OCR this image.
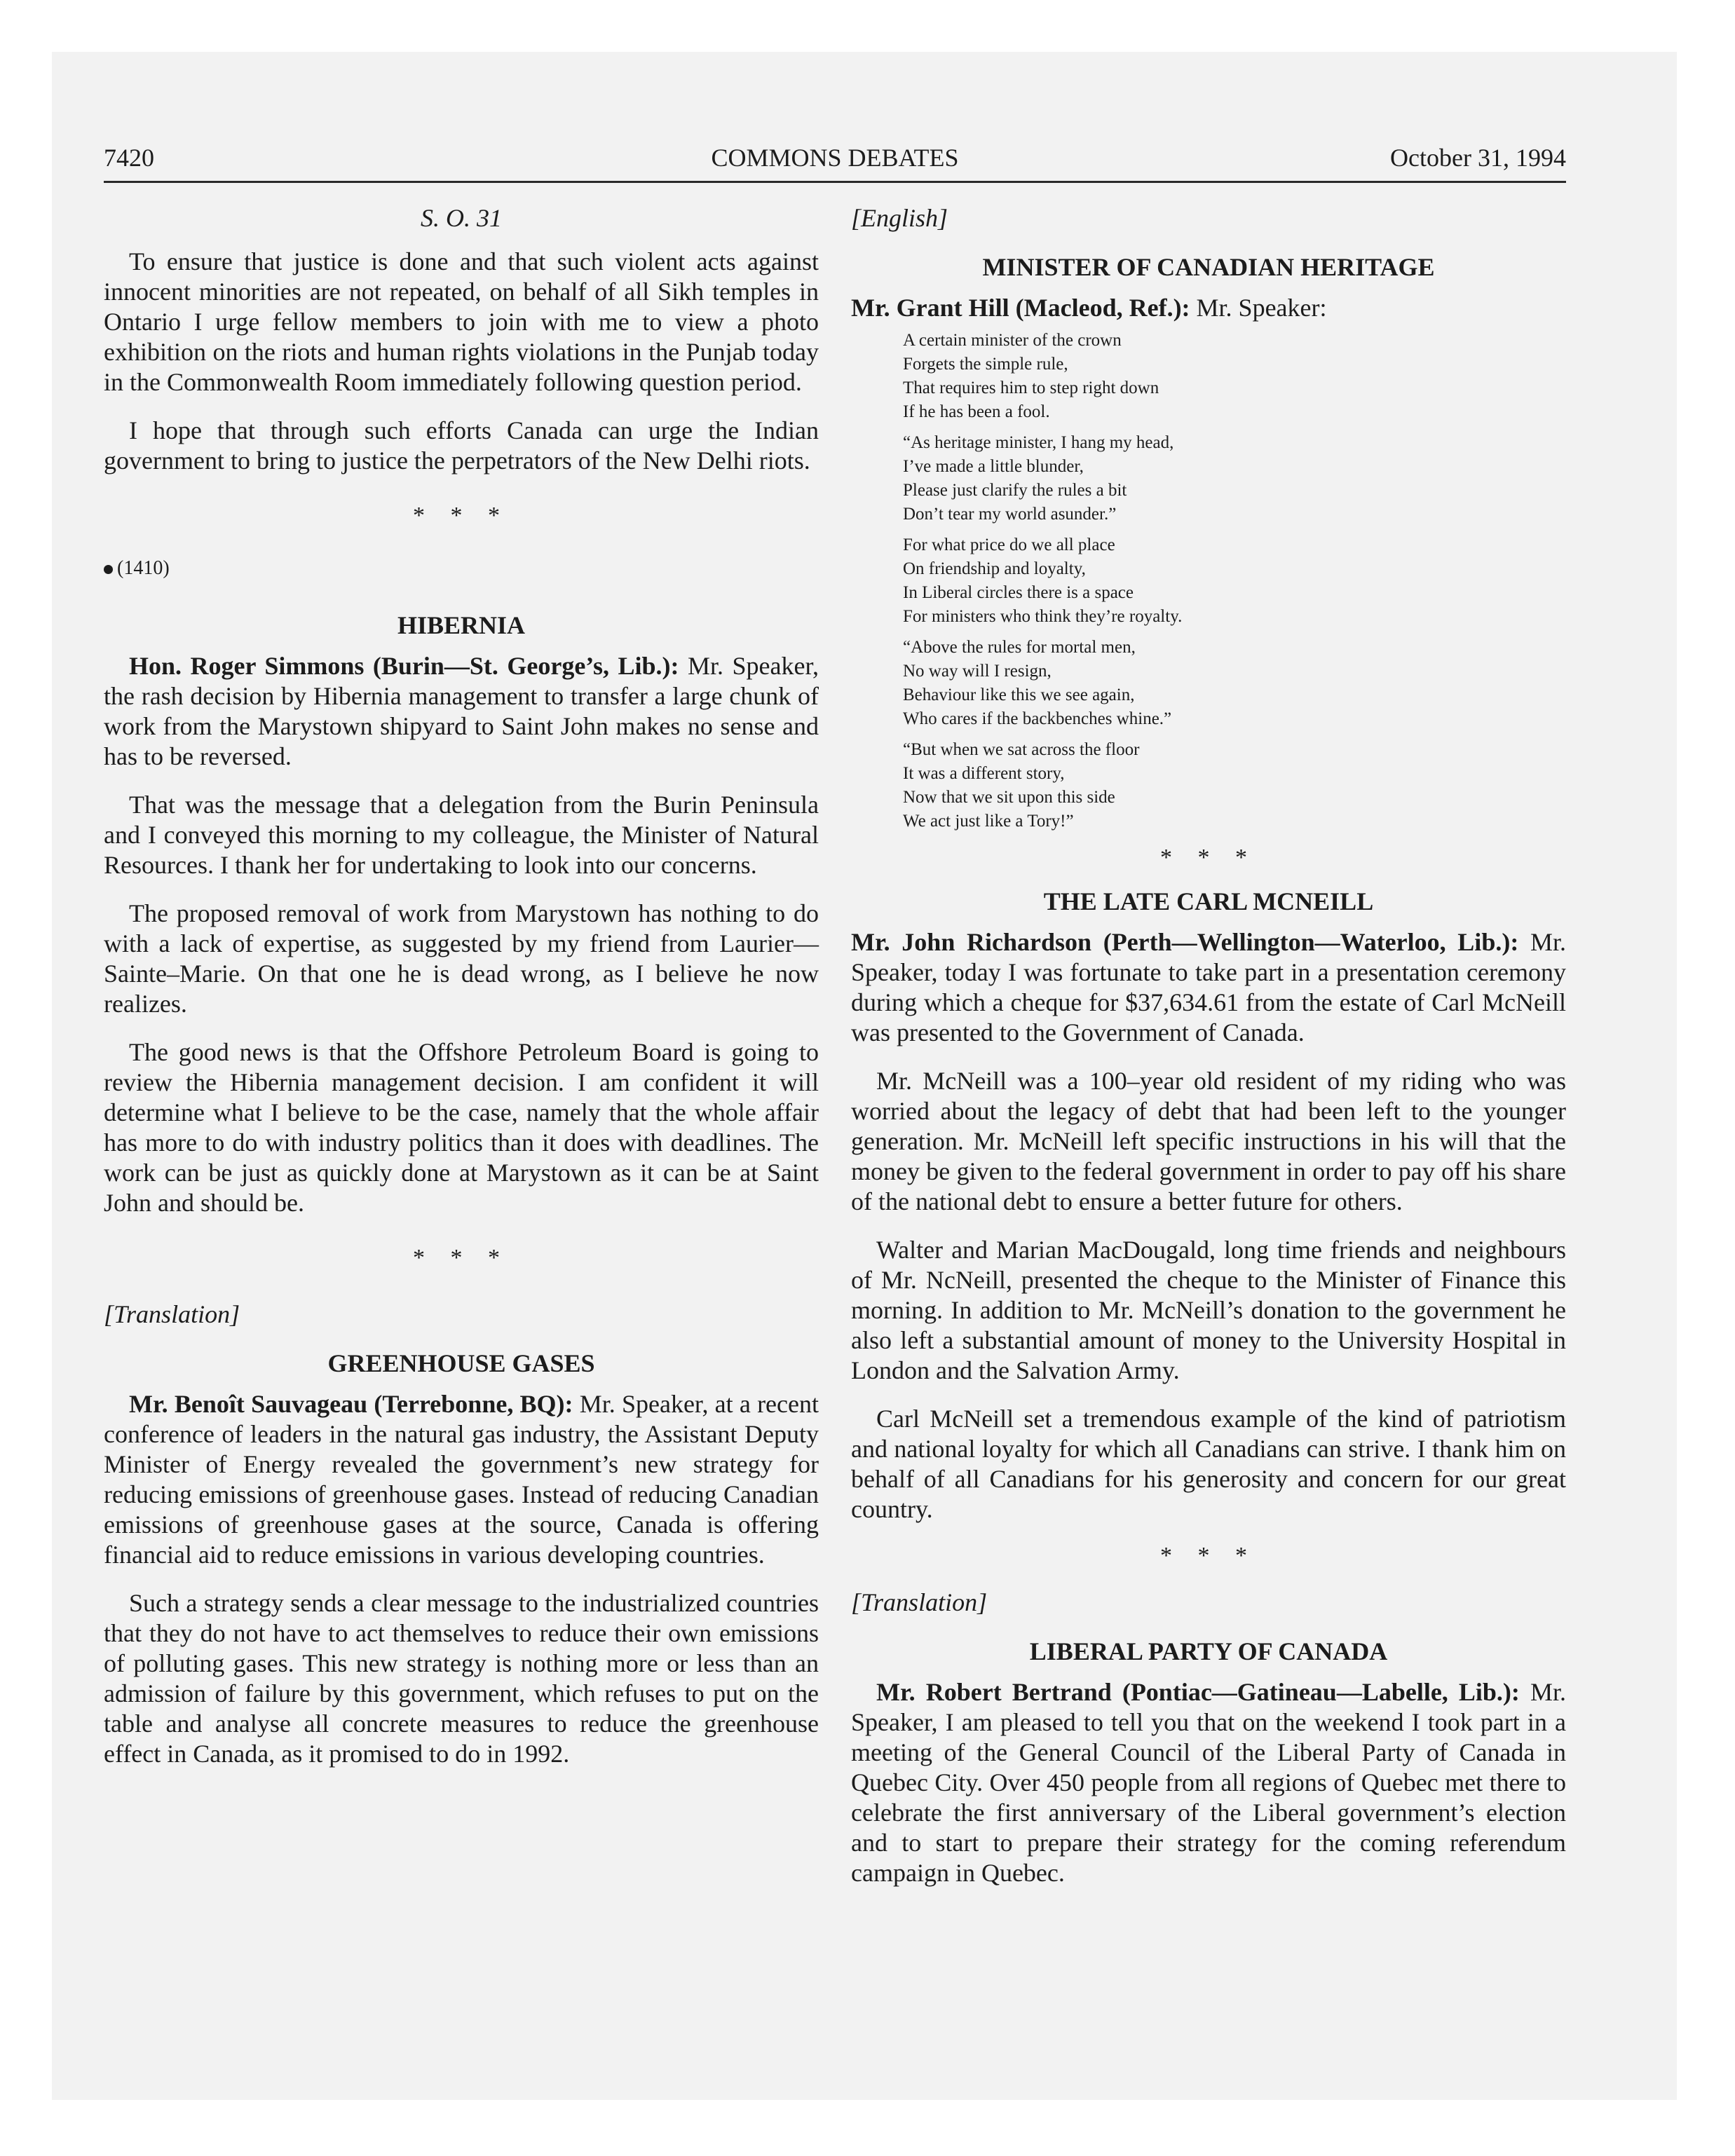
7420	COMMONS DEBATES	October 31, 1994
S. O. 31

To ensure that justice is done and that such violent acts against innocent minorities are not repeated, on behalf of all Sikh temples in Ontario I urge fellow members to join with me to view a photo exhibition on the riots and human rights violations in the Punjab today in the Commonwealth Room immediately following question period.

I hope that through such efforts Canada can urge the Indian government to bring to justice the perpetrators of the New Delhi riots.

* * *
(1410)
HIBERNIA

Hon. Roger Simmons (Burin—St. George’s, Lib.): Mr. Speaker, the rash decision by Hibernia management to transfer a large chunk of work from the Marystown shipyard to Saint John makes no sense and has to be reversed.

That was the message that a delegation from the Burin Peninsula and I conveyed this morning to my colleague, the Minister of Natural Resources. I thank her for undertaking to look into our concerns.

The proposed removal of work from Marystown has nothing to do with a lack of expertise, as suggested by my friend from Laurier—Sainte–Marie. On that one he is dead wrong, as I believe he now realizes.

The good news is that the Offshore Petroleum Board is going to review the Hibernia management decision. I am confident it will determine what I believe to be the case, namely that the whole affair has more to do with industry politics than it does with deadlines. The work can be just as quickly done at Marystown as it can be at Saint John and should be.

* * *
[Translation]
GREENHOUSE GASES

Mr. Benoît Sauvageau (Terrebonne, BQ): Mr. Speaker, at a recent conference of leaders in the natural gas industry, the Assistant Deputy Minister of Energy revealed the government’s new strategy for reducing emissions of greenhouse gases. Instead of reducing Canadian emissions of greenhouse gases at the source, Canada is offering financial aid to reduce emissions in various developing countries.

Such a strategy sends a clear message to the industrialized countries that they do not have to act themselves to reduce their own emissions of polluting gases. This new strategy is nothing more or less than an admission of failure by this government, which refuses to put on the table and analyse all concrete measures to reduce the greenhouse effect in Canada, as it promised to do in 1992.

[English]
MINISTER OF CANADIAN HERITAGE

Mr. Grant Hill (Macleod, Ref.): Mr. Speaker:

A certain minister of the crown
Forgets the simple rule,
That requires him to step right down
If he has been a fool.
“As heritage minister, I hang my head,
I’ve made a little blunder,
Please just clarify the rules a bit
Don’t tear my world asunder.”
For what price do we all place
On friendship and loyalty,
In Liberal circles there is a space
For ministers who think they’re royalty.
“Above the rules for mortal men,
No way will I resign,
Behaviour like this we see again,
Who cares if the backbenches whine.”
“But when we sat across the floor
It was a different story,
Now that we sit upon this side
We act just like a Tory!”
* * *
THE LATE CARL MCNEILL

Mr. John Richardson (Perth—Wellington—Waterloo, Lib.): Mr. Speaker, today I was fortunate to take part in a presentation ceremony during which a cheque for $37,634.61 from the estate of Carl McNeill was presented to the Government of Canada.

Mr. McNeill was a 100–year old resident of my riding who was worried about the legacy of debt that had been left to the younger generation. Mr. McNeill left specific instructions in his will that the money be given to the federal government in order to pay off his share of the national debt to ensure a better future for others.

Walter and Marian MacDougald, long time friends and neighbours of Mr. NcNeill, presented the cheque to the Minister of Finance this morning. In addition to Mr. McNeill’s donation to the government he also left a substantial amount of money to the University Hospital in London and the Salvation Army.

Carl McNeill set a tremendous example of the kind of patriotism and national loyalty for which all Canadians can strive. I thank him on behalf of all Canadians for his generosity and concern for our great country.

* * *
[Translation]
LIBERAL PARTY OF CANADA

Mr. Robert Bertrand (Pontiac—Gatineau—Labelle, Lib.): Mr. Speaker, I am pleased to tell you that on the weekend I took part in a meeting of the General Council of the Liberal Party of Canada in Quebec City. Over 450 people from all regions of Quebec met there to celebrate the first anniversary of the Liberal government’s election and to start to prepare their strategy for the coming referendum campaign in Quebec.
